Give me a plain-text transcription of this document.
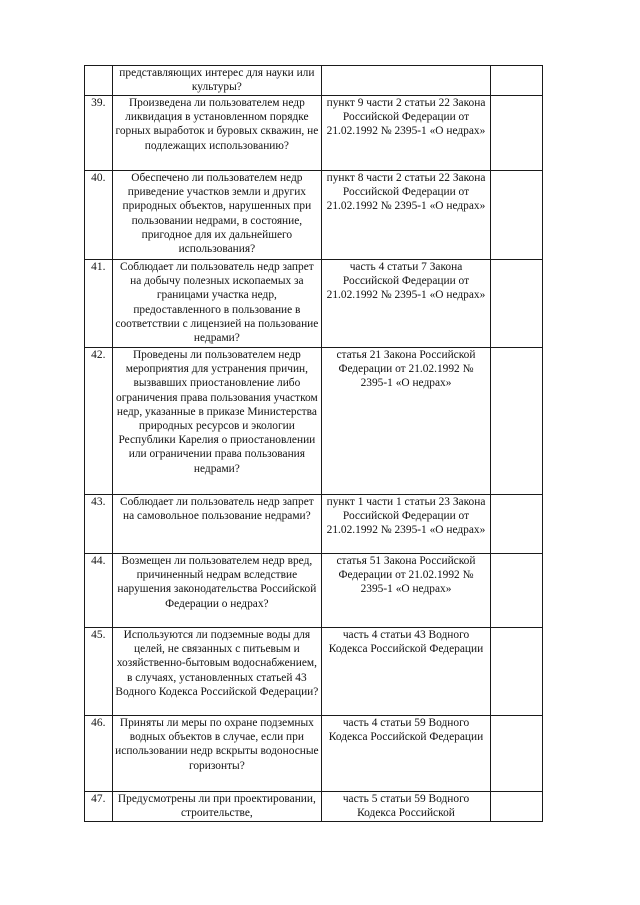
	представляющих интерес для науки или культуры?		
39.	Произведена ли пользователем недр ликвидация в установленном порядке горных выработок и буровых скважин, не подлежащих использованию?	пункт 9 части 2 статьи 22 Закона Российской Федерации от 21.02.1992 № 2395-1 «О недрах»	
40.	Обеспечено ли пользователем недр приведение участков земли и других природных объектов, нарушенных при пользовании недрами, в состояние, пригодное для их дальнейшего использования?	пункт 8 части 2 статьи 22 Закона Российской Федерации от 21.02.1992 № 2395-1 «О недрах»	
41.	Соблюдает ли пользователь недр запрет на добычу полезных ископаемых за границами участка недр, предоставленного в пользование в соответствии с лицензией на пользование недрами?	часть 4 статьи 7 Закона Российской Федерации от 21.02.1992 № 2395-1 «О недрах»	
42.	Проведены ли пользователем недр мероприятия для устранения причин, вызвавших приостановление либо ограничения права пользования участком недр, указанные в приказе Министерства природных ресурсов и экологии Республики Карелия о приостановлении или ограничении права пользования недрами?	статья 21 Закона Российской Федерации от 21.02.1992 № 2395-1 «О недрах»	
43.	Соблюдает ли пользователь недр запрет на самовольное пользование недрами?	пункт 1 части 1 статьи 23 Закона Российской Федерации от 21.02.1992 № 2395-1 «О недрах»	
44.	Возмещен ли пользователем недр вред, причиненный недрам вследствие нарушения законодательства Российской Федерации о недрах?	статья 51 Закона Российской Федерации от 21.02.1992 № 2395-1 «О недрах»	
45.	Используются ли подземные воды для целей, не связанных с питьевым и хозяйственно-бытовым водоснабжением, в случаях, установленных статьей 43 Водного Кодекса Российской Федерации?	часть 4 статьи 43 Водного Кодекса Российской Федерации	
46.	Приняты ли меры по охране подземных водных объектов в случае, если при использовании недр вскрыты водоносные горизонты?	часть 4 статьи 59 Водного Кодекса Российской Федерации	
47.	Предусмотрены ли при проектировании, строительстве,	часть 5 статьи 59 Водного Кодекса Российской	
